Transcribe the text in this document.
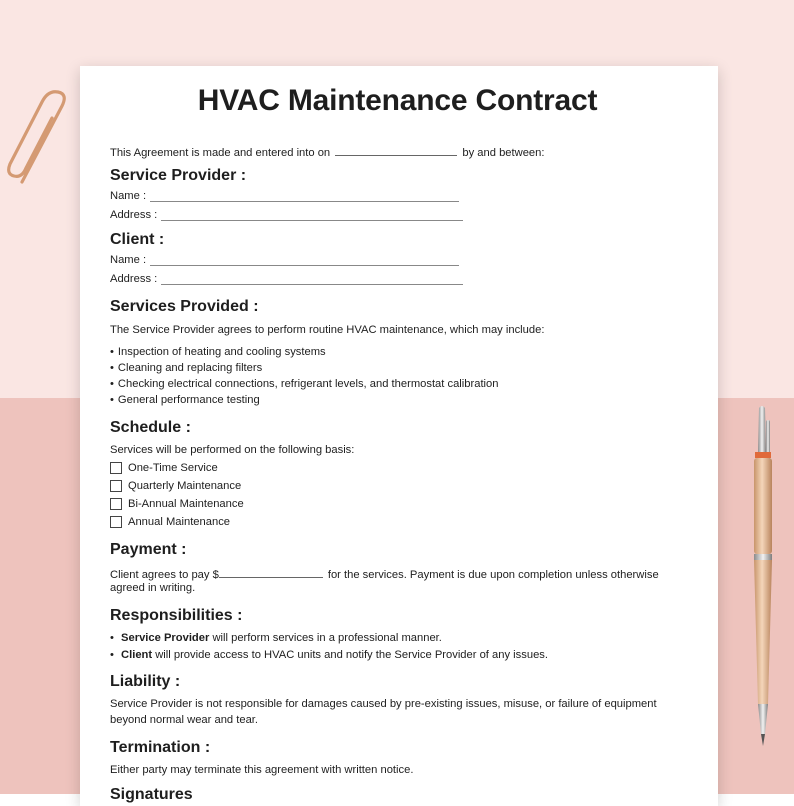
HVAC Maintenance Contract
This Agreement is made and entered into on	by and between:
Service Provider :
Name :
Address :
Client :
Name :
Address :
Services Provided :
The Service Provider agrees to perform routine HVAC maintenance, which may include:
• Inspection of heating and cooling systems
• Cleaning and replacing filters
• Checking electrical connections, refrigerant levels, and thermostat calibration
• General performance testing
Schedule :
Services will be performed on the following basis:
One-Time Service
Quarterly Maintenance
Bi-Annual Maintenance
Annual Maintenance
Payment :
Client agrees to pay $	for the services. Payment is due upon completion unless otherwise
agreed in writing.
Responsibilities :
• Service Provider will perform services in a professional manner.
• Client will provide access to HVAC units and notify the Service Provider of any issues.
Liability :
Service Provider is not responsible for damages caused by pre-existing issues, misuse, or failure of equipment
beyond normal wear and tear.
Termination :
Either party may terminate this agreement with written notice.
Signatures
